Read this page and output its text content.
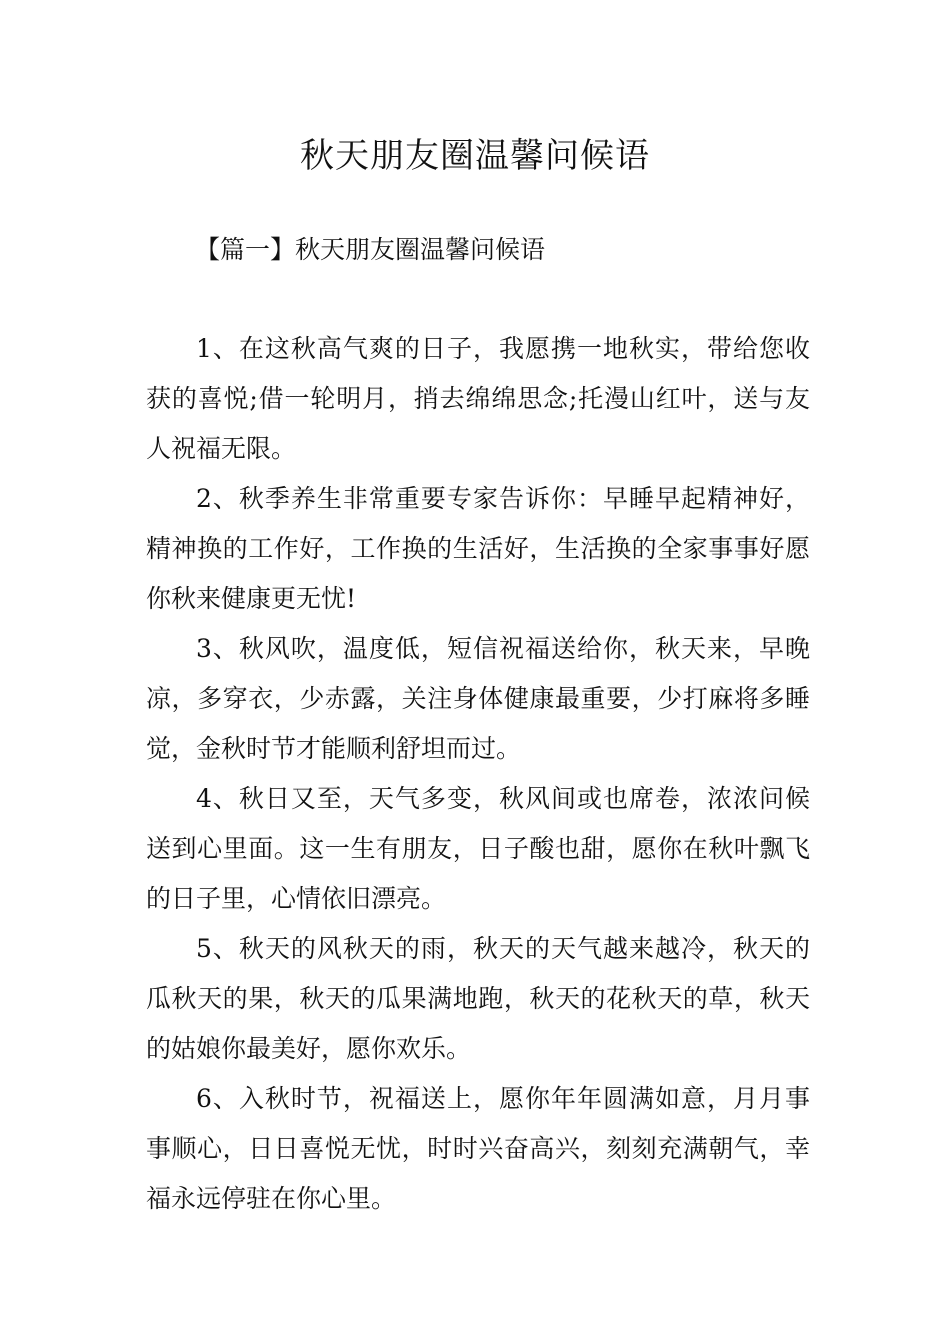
秋天朋友圈温馨问候语
【篇一】秋天朋友圈温馨问候语

1、在这秋高气爽的日子，我愿携一地秋实，带给您收获的喜悦;借一轮明月，捎去绵绵思念;托漫山红叶，送与友人祝福无限。

2、秋季养生非常重要专家告诉你：早睡早起精神好，精神换的工作好，工作换的生活好，生活换的全家事事好愿你秋来健康更无忧!

3、秋风吹，温度低，短信祝福送给你，秋天来，早晚凉，多穿衣，少赤露，关注身体健康最重要，少打麻将多睡觉，金秋时节才能顺利舒坦而过。

4、秋日又至，天气多变，秋风间或也席卷，浓浓问候送到心里面。这一生有朋友，日子酸也甜，愿你在秋叶飘飞的日子里，心情依旧漂亮。

5、秋天的风秋天的雨，秋天的天气越来越冷，秋天的瓜秋天的果，秋天的瓜果满地跑，秋天的花秋天的草，秋天的姑娘你最美好，愿你欢乐。

6、入秋时节，祝福送上，愿你年年圆满如意，月月事事顺心，日日喜悦无忧，时时兴奋高兴，刻刻充满朝气，幸福永远停驻在你心里。
